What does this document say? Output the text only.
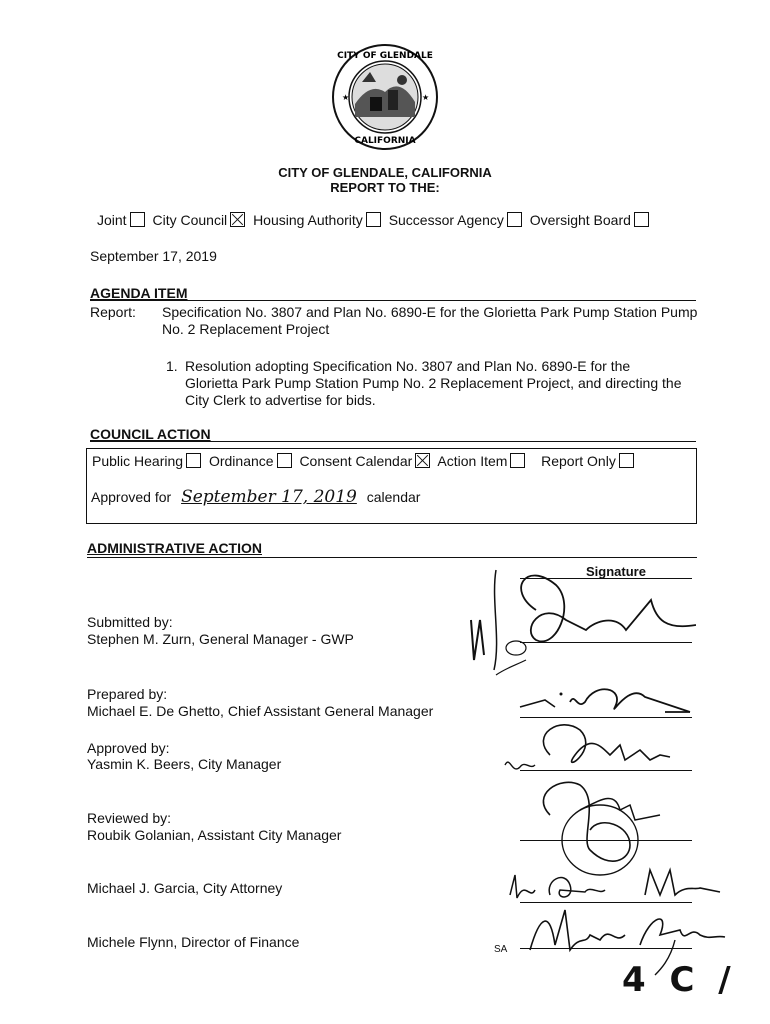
CITY OF GLENDALE
CALIFORNIA
★	★
CITY OF GLENDALE, CALIFORNIA
REPORT TO THE:
Joint City Council Housing Authority Successor Agency Oversight Board
September 17, 2019
AGENDA ITEM
Report: Specification No. 3807 and Plan No. 6890-E for the Glorietta Park Pump Station Pump No. 2 Replacement Project
1. Resolution adopting Specification No. 3807 and Plan No. 6890-E for the Glorietta Park Pump Station Pump No. 2 Replacement Project, and directing the City Clerk to advertise for bids.
COUNCIL ACTION
Public Hearing Ordinance Consent Calendar Action Item Report Only
Approved for September 17, 2019 calendar
ADMINISTRATIVE ACTION
Signature
Submitted by:
Stephen M. Zurn, General Manager - GWP
Prepared by:
Michael E. De Ghetto, Chief Assistant General Manager
Approved by:
Yasmin K. Beers, City Manager
Reviewed by:
Roubik Golanian, Assistant City Manager
Michael J. Garcia, City Attorney
Michele Flynn, Director of Finance	SA
4 C /
